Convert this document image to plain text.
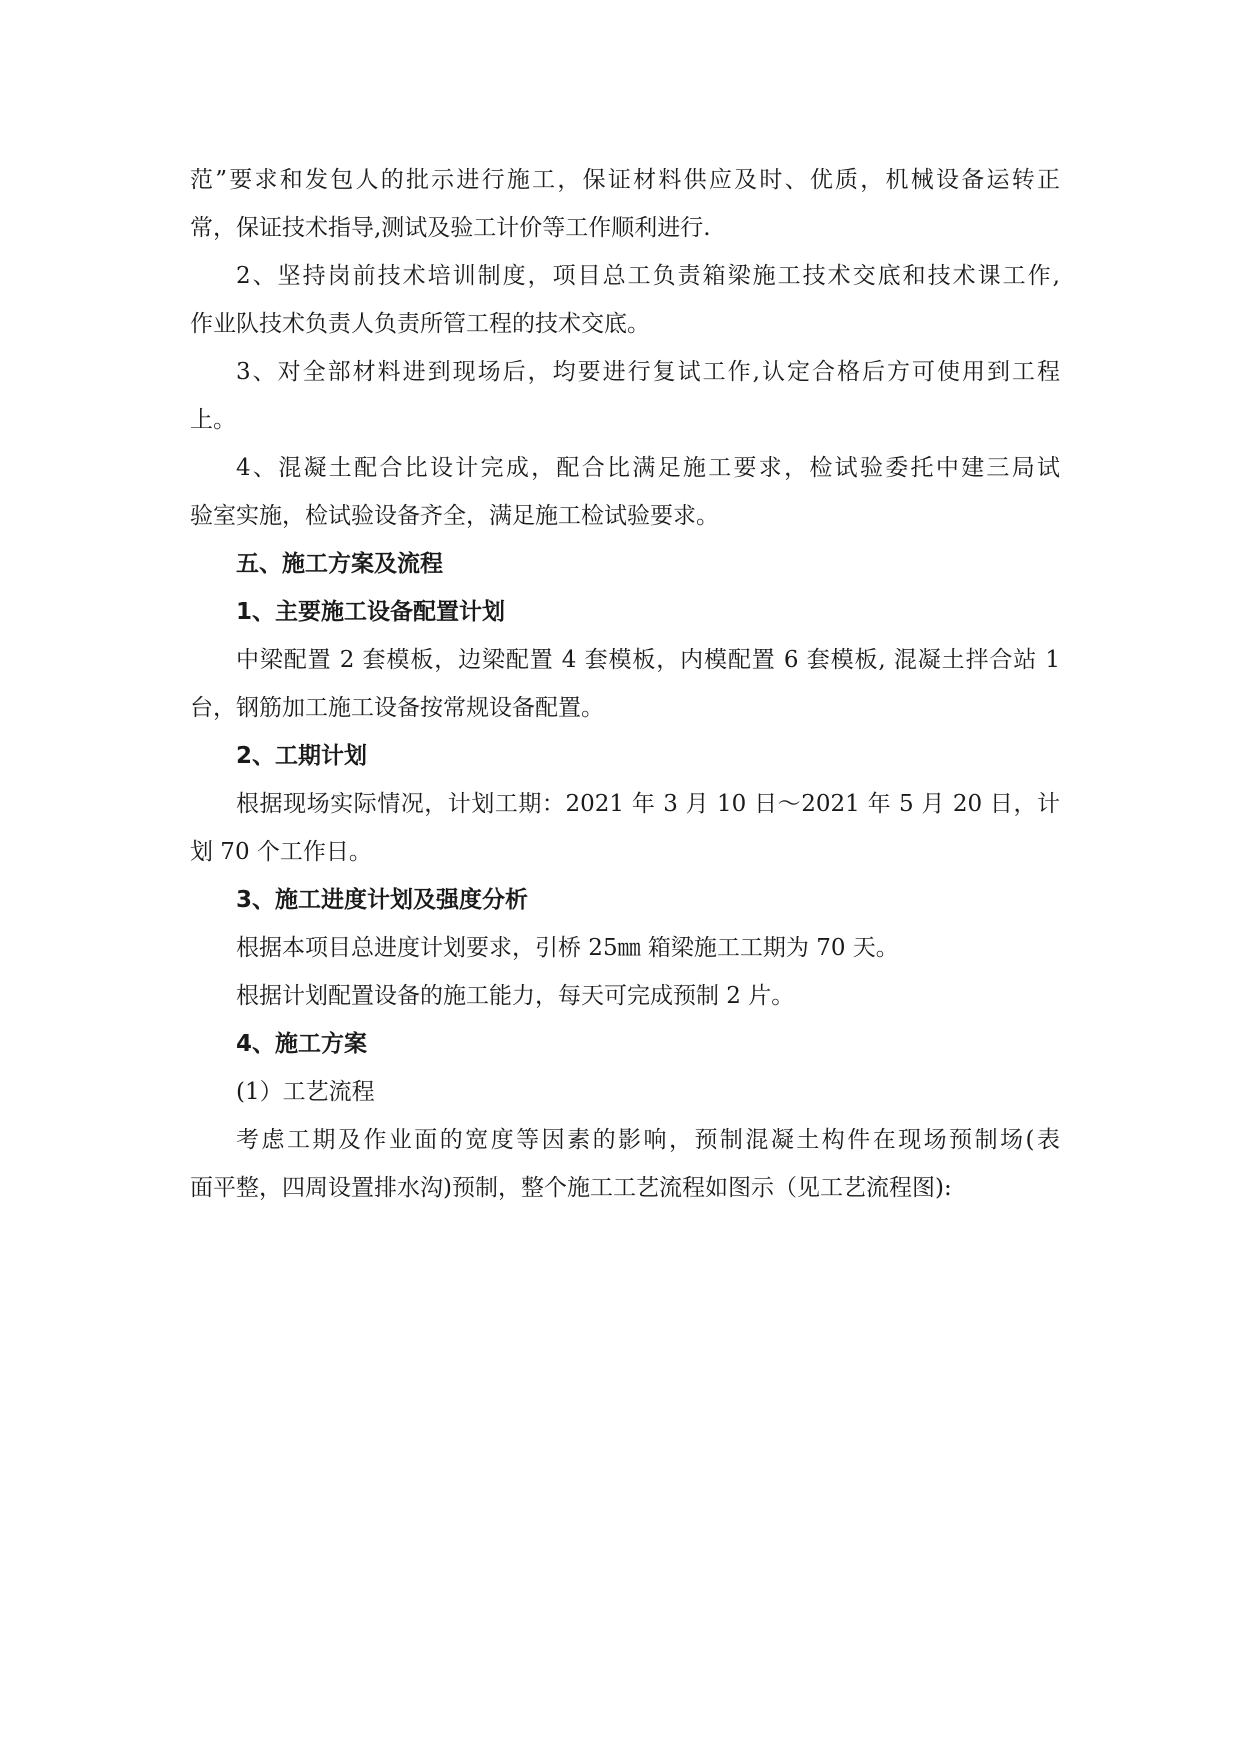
范”要求和发包人的批示进行施工，保证材料供应及时、优质，机械设备运转正
常，保证技术指导,测试及验工计价等工作顺利进行.
2、坚持岗前技术培训制度，项目总工负责箱梁施工技术交底和技术课工作,
作业队技术负责人负责所管工程的技术交底。
3、对全部材料进到现场后，均要进行复试工作,认定合格后方可使用到工程
上。
4、混凝土配合比设计完成，配合比满足施工要求，检试验委托中建三局试
验室实施，检试验设备齐全，满足施工检试验要求。
五、施工方案及流程
1、主要施工设备配置计划
中梁配置 2 套模板，边梁配置 4 套模板，内模配置 6 套模板, 混凝土拌合站 1
台，钢筋加工施工设备按常规设备配置。
2、工期计划
根据现场实际情况，计划工期：2021 年 3 月 10 日～2021 年 5 月 20 日，计
划 70 个工作日。
3、施工进度计划及强度分析
根据本项目总进度计划要求，引桥 25㎜ 箱梁施工工期为 70 天。
根据计划配置设备的施工能力，每天可完成预制 2 片。
4、施工方案
(1）工艺流程
考虑工期及作业面的宽度等因素的影响，预制混凝土构件在现场预制场(表
面平整，四周设置排水沟)预制，整个施工工艺流程如图示（见工艺流程图):
